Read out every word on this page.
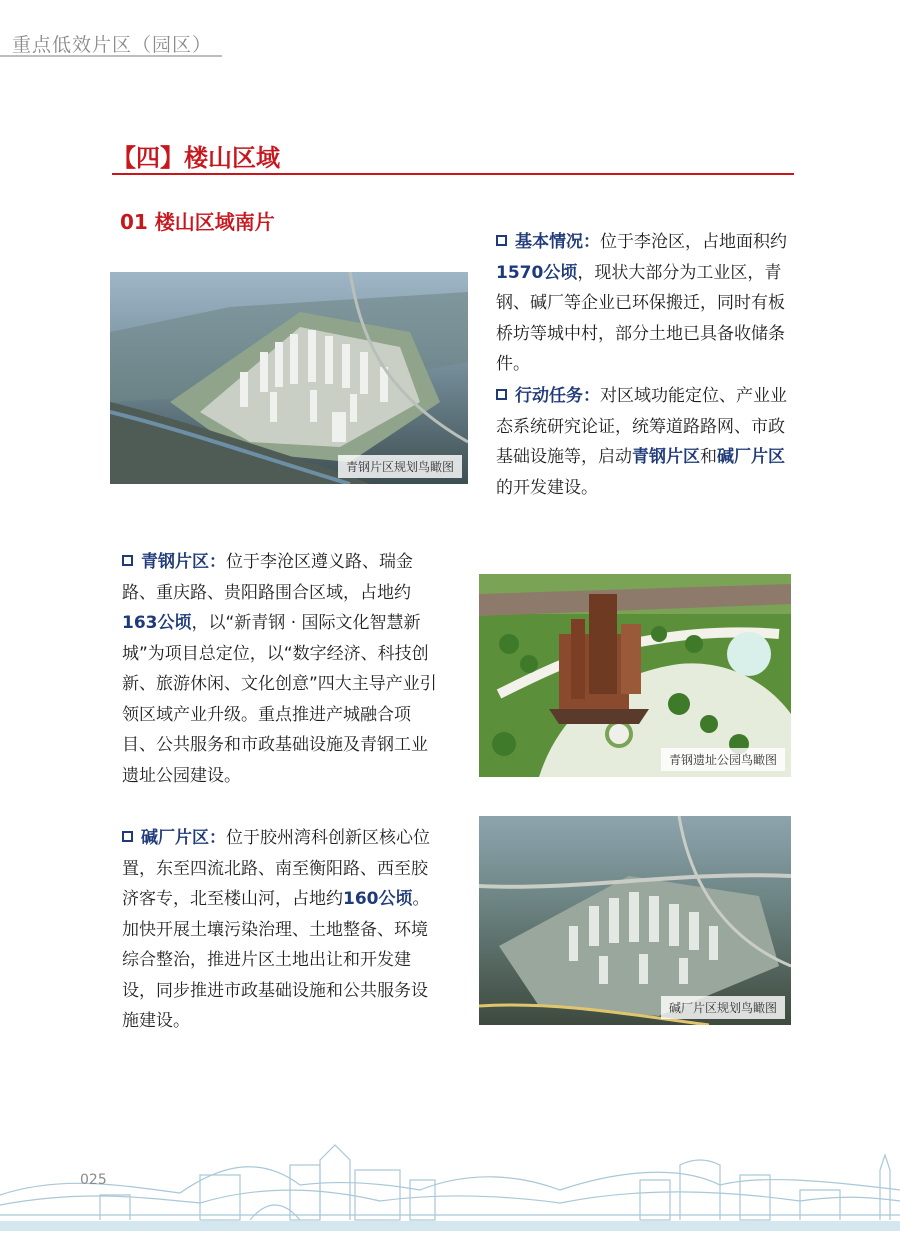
重点低效片区（园区）
【四】楼山区域
01 楼山区域南片
基本情况：位于李沧区，占地面积约1570公顷，现状大部分为工业区，青钢、碱厂等企业已环保搬迁，同时有板桥坊等城中村，部分土地已具备收储条件。
行动任务：对区域功能定位、产业业态系统研究论证，统筹道路路网、市政基础设施等，启动青钢片区和碱厂片区的开发建设。
青钢片区规划鸟瞰图
青钢片区：位于李沧区遵义路、瑞金路、重庆路、贵阳路围合区域，占地约163公顷，以“新青钢 · 国际文化智慧新城”为项目总定位，以“数字经济、科技创新、旅游休闲、文化创意”四大主导产业引领区域产业升级。重点推进产城融合项目、公共服务和市政基础设施及青钢工业遗址公园建设。
青钢遗址公园鸟瞰图
碱厂片区：位于胶州湾科创新区核心位置，东至四流北路、南至衡阳路、西至胶济客专，北至楼山河，占地约160公顷。加快开展土壤污染治理、土地整备、环境综合整治，推进片区土地出让和开发建设，同步推进市政基础设施和公共服务设施建设。
碱厂片区规划鸟瞰图
025
